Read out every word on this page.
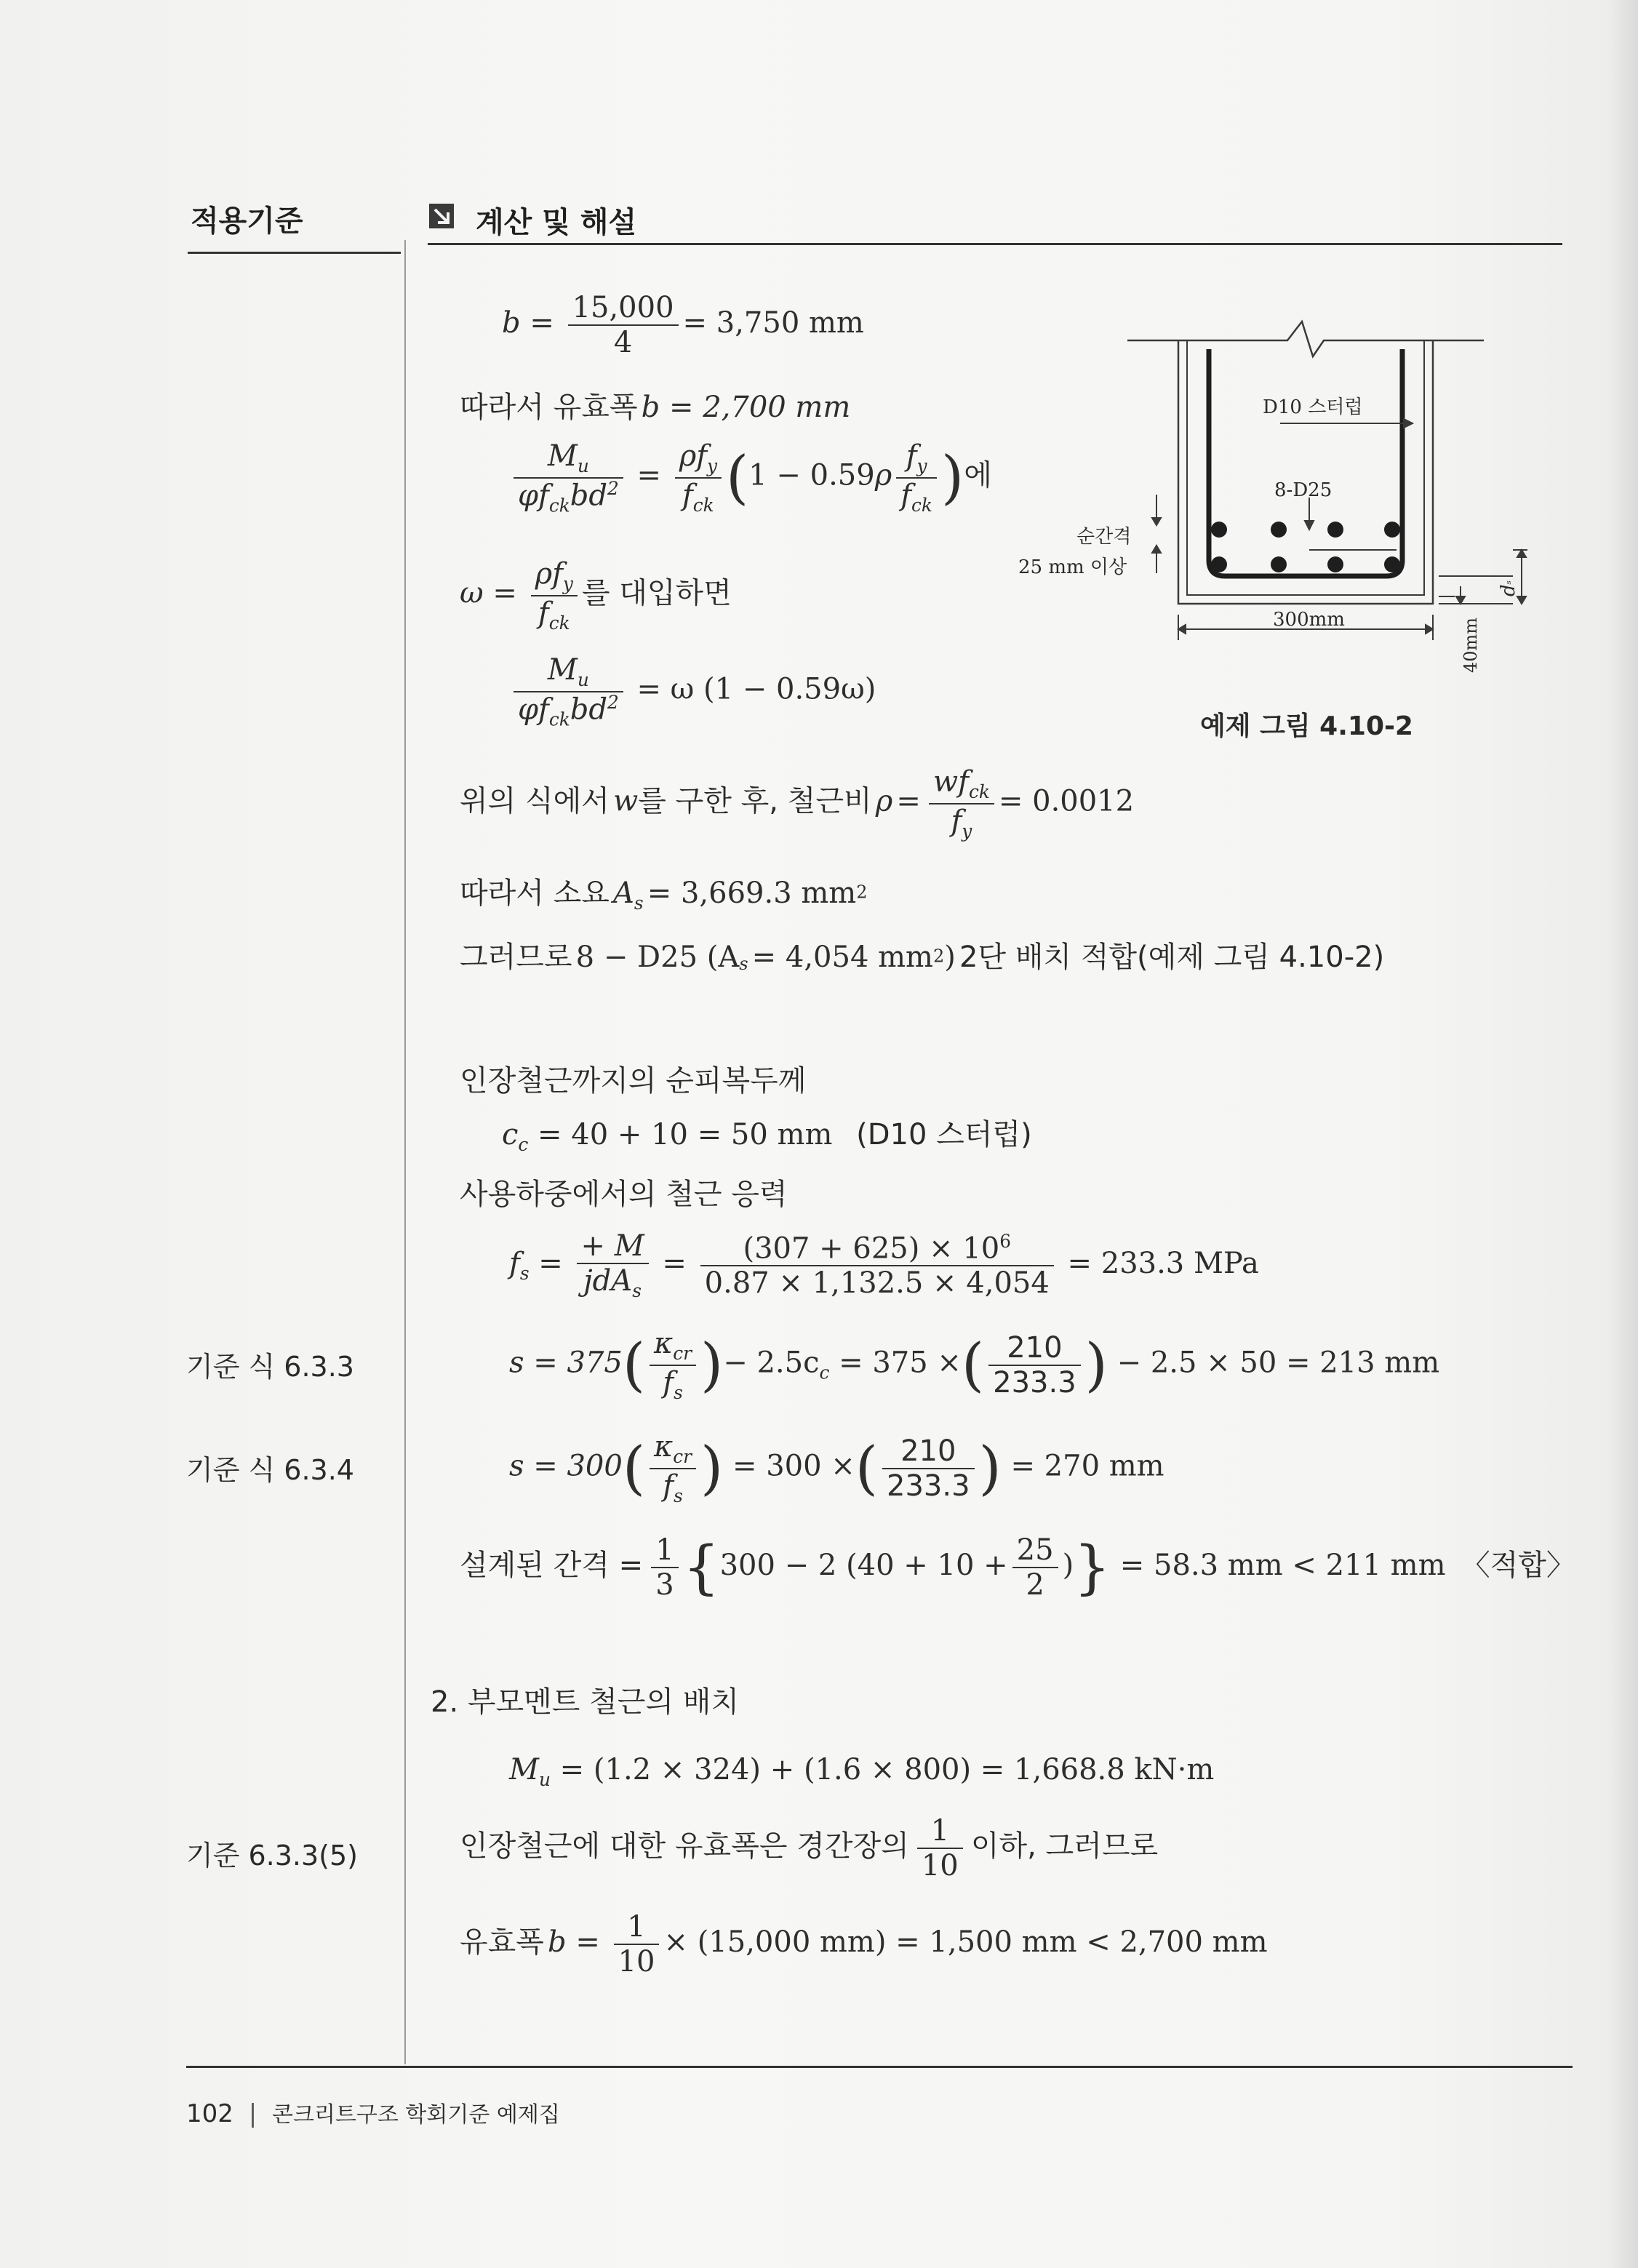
적용기준	계산 및 해설
기준 식 6.3.3
기준 식 6.3.4
기준 6.3.3(5)
$b = \frac{15,000}{4} = 3,750$ mm
따라서 유효폭 b = 2,700 mm
$\frac{M_u}{\varphi f_{ck}bd^2} = \frac{\rho f_y}{f_{ck}} (1 - 0.59\rho \frac{f_y}{f_{ck}}$ )에
$\omega = \frac{\rho f_y}{f_{ck}}$ 를 대입하면
$\frac{M_u}{\varphi f_{ck}bd^2} = \omega$ (1 − 0.59ω)
위의 식에서 w를 구한 후, 철근비 $\rho = \frac{wf_{ck}}{f_y} = 0.0012$
따라서 소요 $A_s = 3,669.3$ $mm^2$
그러므로 8 − D25 ($A_s = 4,054$ $mm^2$) 2단 배치 적합(예제 그림 4.10-2)
인장철근까지의 순피복두께
$c_c = 40 + 10 = 50$ mm (D10 스터럽)
사용하중에서의 철근 응력
$f_s = \frac{+ M}{jdA_s} = \frac{(307 + 625) \times 10^6}{0.87 \times 1,132.5 \times 4,054} = 233.3$ MPa
$s = 375( \frac{\kappa_{cr}}{f_s}$ )− $2.5c_c = 375$ ×( $\frac{210}{233.3}$ ) − 2.5 × 50 = 213 mm
$s = 300( \frac{\kappa_{cr}}{f_s}$ ) = 300 ×( $\frac{210}{233.3}$ ) = 270 mm
설계된 간격 = $\frac{1}{3} \{300 - 2$ ($40 + 10 + \frac{25}{2}$ )} = 58.3 mm < 211 mm 〈적합〉
2. 부모멘트 철근의 배치
$M_u = (1.2 \times 324) + (1.6 \times 800) = 1,668.8$ kN·m
인장철근에 대한 유효폭은 경간장의 $\frac{1}{10}$ 이하, 그러므로
유효폭 $b = \frac{1}{10} \times (15,000$ mm) = 1,500 mm < 2,700 mm
D10 스터럽
8-D25
순간격
25 mm 이상
300mm	40mm
dˢ
예제 그림 4.10-2
102 | 콘크리트구조 학회기준 예제집
